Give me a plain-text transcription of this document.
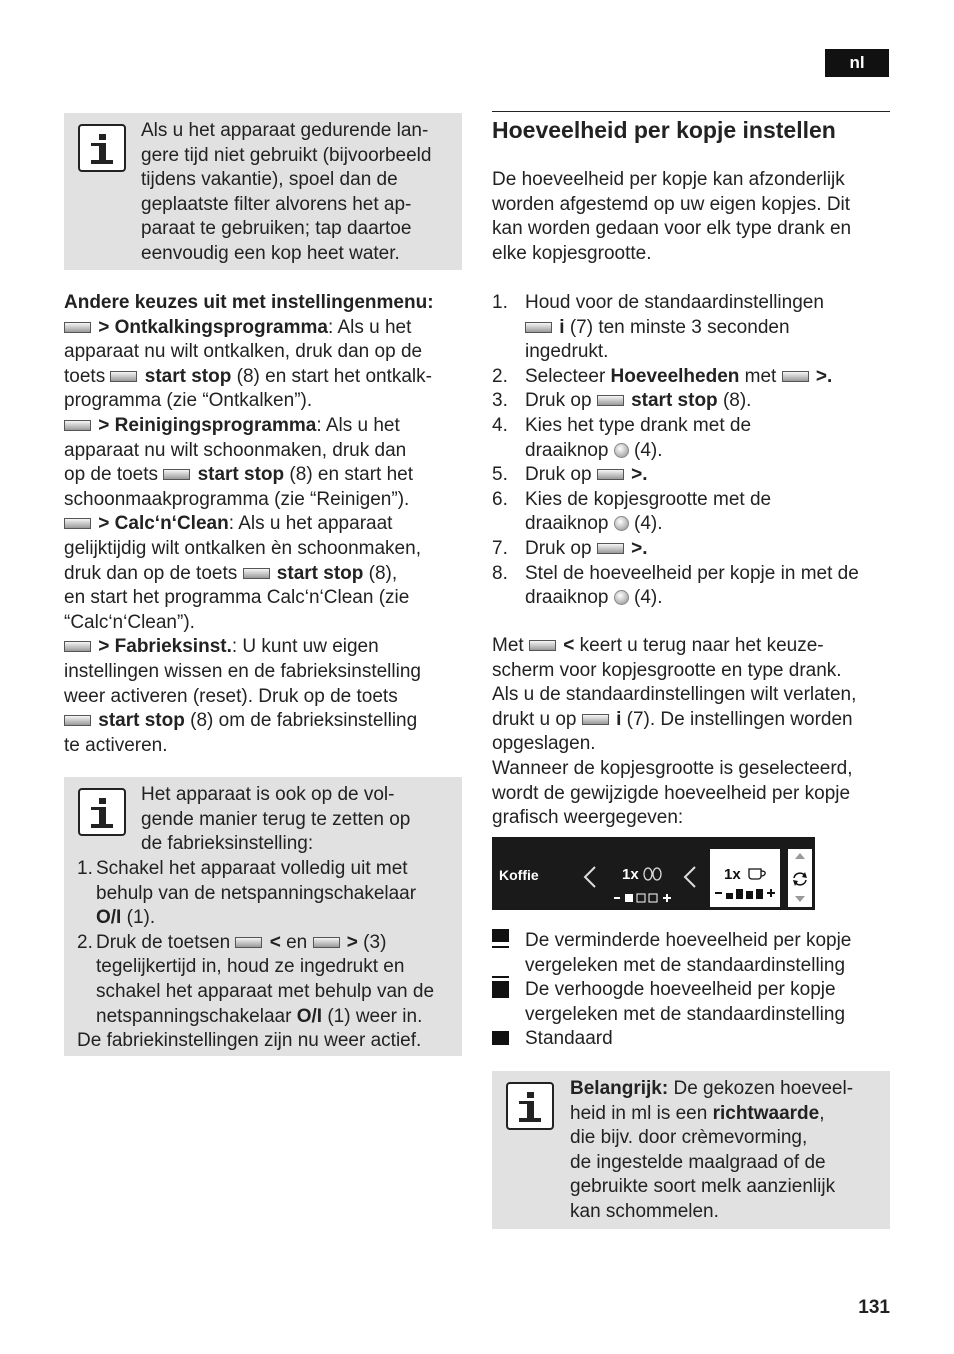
nl
Als u het apparaat gedurende lan-
gere tijd niet gebruikt (bijvoorbeeld
tijdens vakantie), spoel dan de
geplaatste filter alvorens het ap-
paraat te gebruiken; tap daartoe
eenvoudig een kop heet water.
Andere keuzes uit met instellingenmenu:
> Ontkalkingsprogramma: Als u het
apparaat nu wilt ontkalken, druk dan op de
toets  start stop (8) en start het ontkalk-
programma (zie “Ontkalken”).
> Reinigingsprogramma: Als u het
apparaat nu wilt schoonmaken, druk dan
op de toets  start stop (8) en start het
schoonmaakprogramma (zie “Reinigen”).
> Calc‘n‘Clean: Als u het apparaat
gelijktijdig wilt ontkalken èn schoonmaken,
druk dan op de toets  start stop (8),
en start het programma Calc‘n‘Clean (zie
“Calc‘n‘Clean”).
> Fabrieksinst.: U kunt uw eigen
instellingen wissen en de fabrieksinstelling
weer activeren (reset). Druk op de toets
start stop (8) om de fabrieksinstelling
te activeren.
Het apparaat is ook op de vol-
gende manier terug te zetten op
de fabrieksinstelling:
1. Schakel het apparaat volledig uit met
behulp van de netspanningschakelaar
O/I (1).
2. Druk de toetsen  < en  > (3)
tegelijkertijd in, houd ze ingedrukt en
schakel het apparaat met behulp van de
netspanningschakelaar O/I (1) weer in.
De fabriekinstellingen zijn nu weer actief.
Hoeveelheid per kopje instellen
De hoeveelheid per kopje kan afzonderlijk
worden afgestemd op uw eigen kopjes. Dit
kan worden gedaan voor elk type drank en
elke kopjesgrootte.
1. Houd voor de standaardinstellingen
i (7) ten minste 3 seconden
ingedrukt.
2. Selecteer Hoeveelheden met  >.
3. Druk op  start stop (8).
4. Kies het type drank met de
draaiknop  (4).
5. Druk op  >.
6. Kies de kopjesgrootte met de
draaiknop  (4).
7. Druk op  >.
8. Stel de hoeveelheid per kopje in met de
draaiknop  (4).
Met  < keert u terug naar het keuze-
scherm voor kopjesgrootte en type drank.
Als u de standaardinstellingen wilt verlaten,
drukt u op  i (7). De instellingen worden
opgeslagen.
Wanneer de kopjesgrootte is geselecteerd,
wordt de gewijzigde hoeveelheid per kopje
grafisch weergegeven:
Koffie	1x	1x
De verminderde hoeveelheid per kopje
vergeleken met de standaardinstelling
De verhoogde hoeveelheid per kopje
vergeleken met de standaardinstelling
Standaard
Belangrijk: De gekozen hoeveel-
heid in ml is een richtwaarde,
die bijv. door crèmevorming,
de ingestelde maalgraad of de
gebruikte soort melk aanzienlijk
kan schommelen.
131
